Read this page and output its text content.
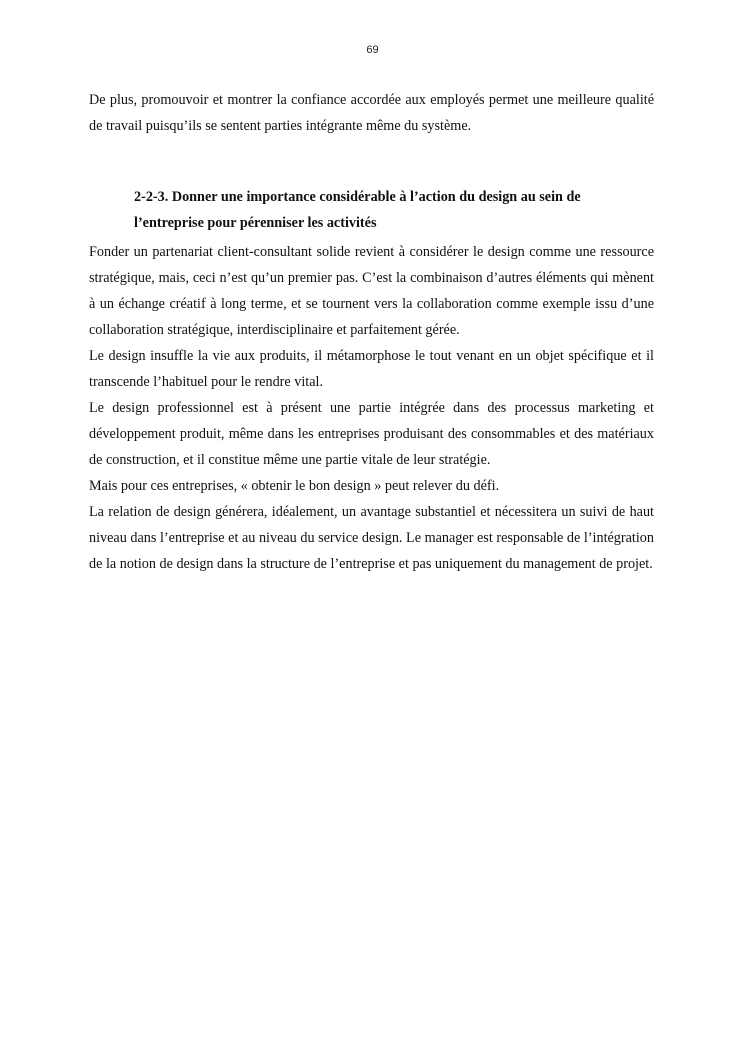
69

De plus, promouvoir et montrer la confiance accordée aux employés permet une meilleure qualité de travail puisqu’ils se sentent parties intégrante même du système.

2-2-3. Donner une importance considérable à l’action du design au sein de l’entreprise pour pérenniser les activités

Fonder un partenariat client-consultant solide revient à considérer le design comme une ressource stratégique, mais, ceci n’est qu’un premier pas. C’est la combinaison d’autres éléments qui mènent à un échange créatif à long terme, et se tournent vers la collaboration comme exemple issu d’une collaboration stratégique, interdisciplinaire et parfaitement gérée.

Le design insuffle la vie aux produits, il métamorphose le tout venant en un objet spécifique et il transcende l’habituel pour le rendre vital.

Le design professionnel est à présent une partie intégrée dans des processus marketing et développement produit, même dans les entreprises produisant des consommables et des matériaux de construction, et il constitue même une partie vitale de leur stratégie.

Mais pour ces entreprises, « obtenir le bon design » peut relever du défi.

La relation de design générera, idéalement, un avantage substantiel et nécessitera un suivi de haut niveau dans l’entreprise et au niveau du service design. Le manager est responsable de l’intégration de la notion de design dans la structure de l’entreprise et pas uniquement du management de projet.
